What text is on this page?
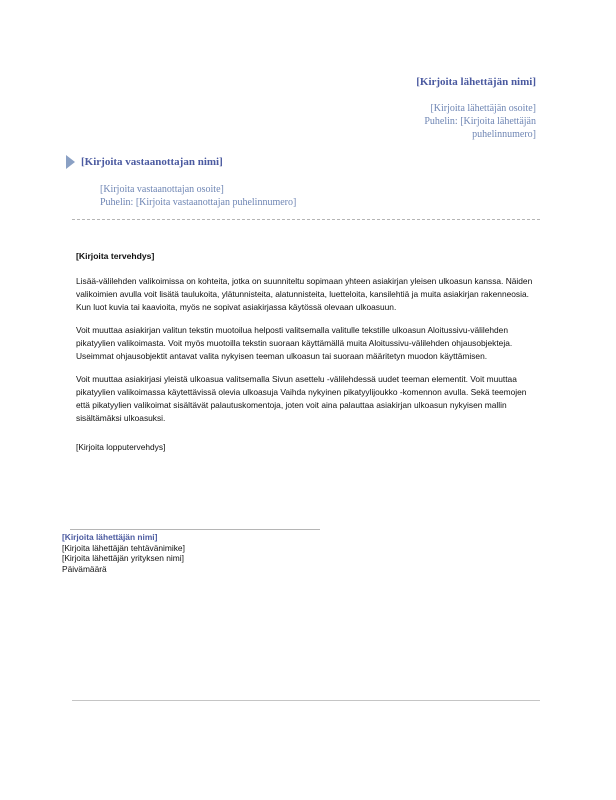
[Kirjoita lähettäjän nimi]
[Kirjoita lähettäjän osoite]
Puhelin: [Kirjoita lähettäjän
puhelinnumero]
[Kirjoita vastaanottajan nimi]
[Kirjoita vastaanottajan osoite]
Puhelin: [Kirjoita vastaanottajan puhelinnumero]

[Kirjoita tervehdys]

Lisää-välilehden valikoimissa on kohteita, jotka on suunniteltu sopimaan yhteen asiakirjan yleisen ulkoasun kanssa. Näiden valikoimien avulla voit lisätä taulukoita, ylätunnisteita, alatunnisteita, luetteloita, kansilehtiä ja muita asiakirjan rakenneosia. Kun luot kuvia tai kaavioita, myös ne sopivat asiakirjassa käytössä olevaan ulkoasuun.

Voit muuttaa asiakirjan valitun tekstin muotoilua helposti valitsemalla valitulle tekstille ulkoasun Aloitussivu-välilehden pikatyylien valikoimasta. Voit myös muotoilla tekstin suoraan käyttämällä muita Aloitussivu-välilehden ohjausobjekteja. Useimmat ohjausobjektit antavat valita nykyisen teeman ulkoasun tai suoraan määritetyn muodon käyttämisen.

Voit muuttaa asiakirjasi yleistä ulkoasua valitsemalla Sivun asettelu -välilehdessä uudet teeman elementit. Voit muuttaa pikatyylien valikoimassa käytettävissä olevia ulkoasuja Vaihda nykyinen pikatyylijoukko -komennon avulla. Sekä teemojen että pikatyylien valikoimat sisältävät palautuskomentoja, joten voit aina palauttaa asiakirjan ulkoasun nykyisen mallin sisältämäksi ulkoasuksi.

[Kirjoita lopputervehdys]

[Kirjoita lähettäjän nimi]
[Kirjoita lähettäjän tehtävänimike]
[Kirjoita lähettäjän yrityksen nimi]
Päivämäärä
